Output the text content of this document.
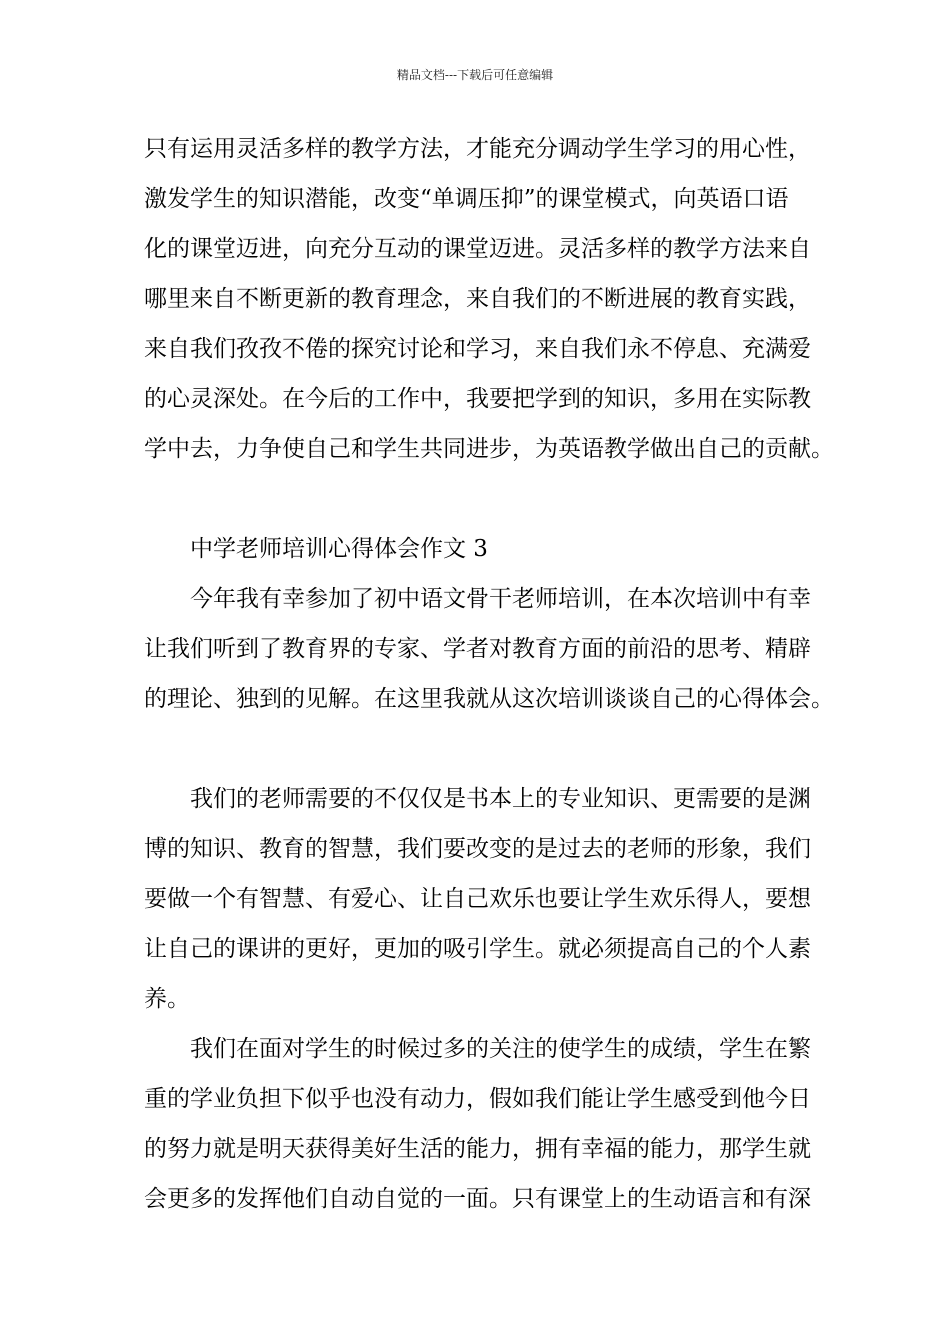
精品文档---下载后可任意编辑
只有运用灵活多样的教学方法，才能充分调动学生学习的用心性，
激发学生的知识潜能，改变“单调压抑”的课堂模式，向英语口语
化的课堂迈进，向充分互动的课堂迈进。灵活多样的教学方法来自
哪里来自不断更新的教育理念，来自我们的不断进展的教育实践，
来自我们孜孜不倦的探究讨论和学习，来自我们永不停息、充满爱
的心灵深处。在今后的工作中，我要把学到的知识，多用在实际教
学中去，力争使自己和学生共同进步，为英语教学做出自己的贡献。
中学老师培训心得体会作文 3
今年我有幸参加了初中语文骨干老师培训，在本次培训中有幸
让我们听到了教育界的专家、学者对教育方面的前沿的思考、精辟
的理论、独到的见解。在这里我就从这次培训谈谈自己的心得体会。
我们的老师需要的不仅仅是书本上的专业知识、更需要的是渊
博的知识、教育的智慧，我们要改变的是过去的老师的形象，我们
要做一个有智慧、有爱心、让自己欢乐也要让学生欢乐得人，要想
让自己的课讲的更好，更加的吸引学生。就必须提高自己的个人素
养。
我们在面对学生的时候过多的关注的使学生的成绩，学生在繁
重的学业负担下似乎也没有动力，假如我们能让学生感受到他今日
的努力就是明天获得美好生活的能力，拥有幸福的能力，那学生就
会更多的发挥他们自动自觉的一面。只有课堂上的生动语言和有深
